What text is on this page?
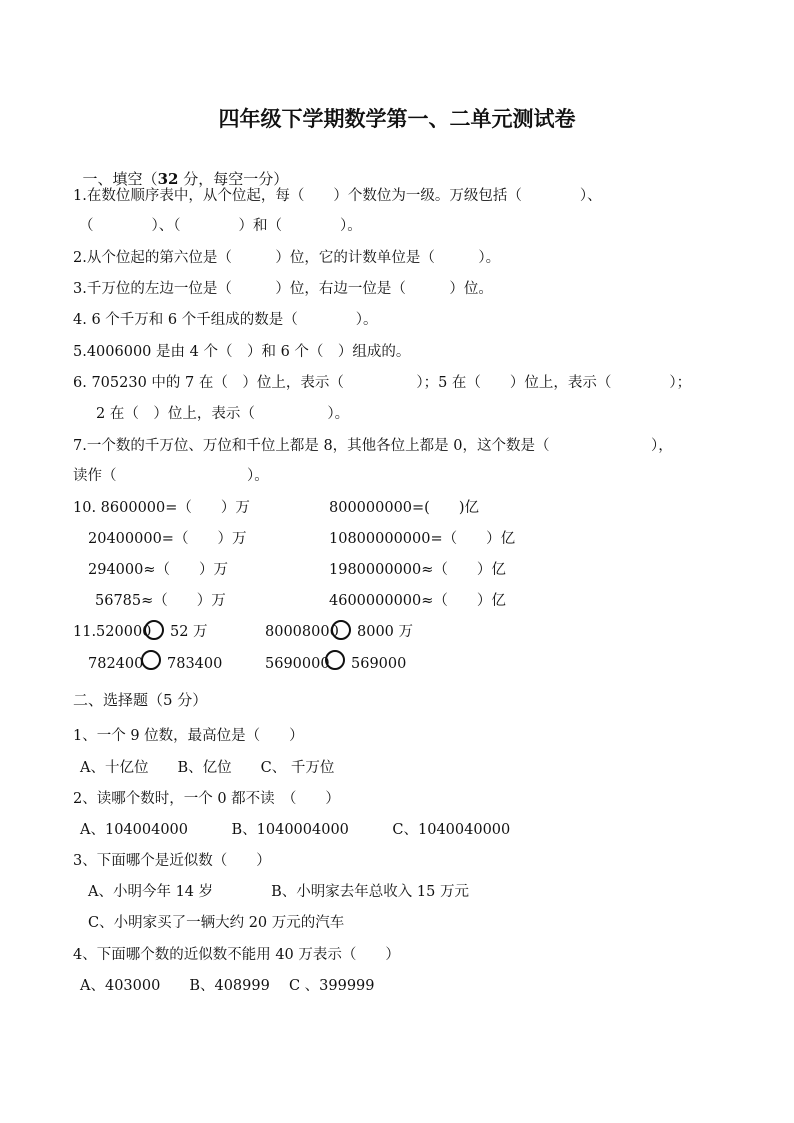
四年级下学期数学第一、二单元测试卷

一、填空（32 分，每空一分）

1.在数位顺序表中，从个位起，每（　　）个数位为一级。万级包括（　　　　）、
（　　　　）、（　　　　）和（　　　　）。
2.从个位起的第六位是（　　　）位，它的计数单位是（　　　）。
3.千万位的左边一位是（　　　）位，右边一位是（　　　）位。
4. 6 个千万和 6 个千组成的数是（　　　　）。
5.4006000 是由 4 个（　）和 6 个（　）组成的。
6. 705230 中的 7 在（　）位上，表示（　　　　　）；5 在（　　）位上，表示（　　　　）；
2 在（　）位上，表示（　　　　　）。
7.一个数的千万位、万位和千位上都是 8，其他各位上都是 0，这个数是（　　　　　　　），
读作（　　　　　　　　　）。
10. 8600000=（　　）万	800000000=(　　)亿
20400000=（　　）万	10800000000=（　　）亿
294000≈（　　）万	1980000000≈（　　）亿
56785≈（　　）万	4600000000≈（　　）亿
11.520000 52 万	80008000 8000 万
782400 783400	5690000 569000
二、选择题（5 分）
1、一个 9 位数，最高位是（　　）
A、十亿位　　B、亿位　　C、 千万位
2、读哪个数时，一个 0 都不读　（　　）
A、104004000　　　B、1040004000　　　C、1040040000
3、下面哪个是近似数（　　）
A、小明今年 14 岁　　　　B、小明家去年总收入 15 万元
C、小明家买了一辆大约 20 万元的汽车
4、下面哪个数的近似数不能用 40 万表示（　　）
A、403000　　B、408999　 C 、399999
